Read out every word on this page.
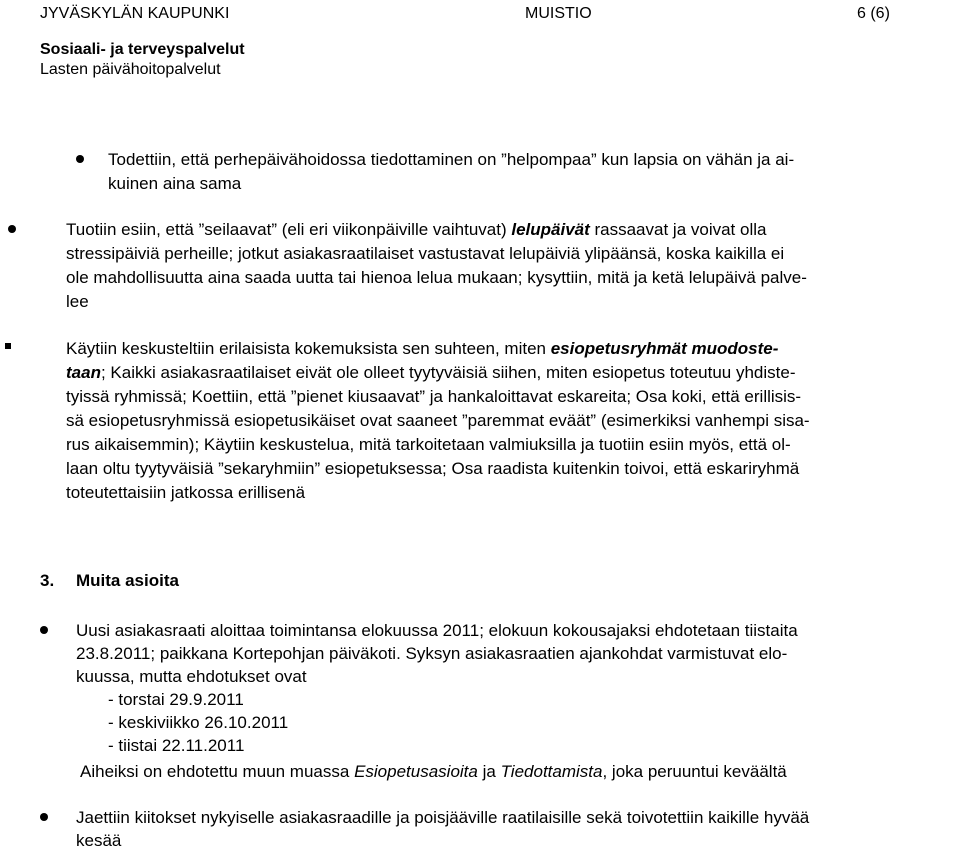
JYVÄSKYLÄN KAUPUNKI	MUISTIO	6 (6)
Sosiaali- ja terveyspalvelut
Lasten päivähoitopalvelut
Todettiin, että perhepäivähoidossa tiedottaminen on ”helpompaa” kun lapsia on vähän ja ai-
kuinen aina sama
Tuotiin esiin, että ”seilaavat” (eli eri viikonpäiville vaihtuvat) lelupäivät rassaavat ja voivat olla
stressipäiviä perheille; jotkut asiakasraatilaiset vastustavat lelupäiviä ylipäänsä, koska kaikilla ei
ole mahdollisuutta aina saada uutta tai hienoa lelua mukaan; kysyttiin, mitä ja ketä lelupäivä palve-
lee
Käytiin keskusteltiin erilaisista kokemuksista sen suhteen, miten esiopetusryhmät muodoste-
taan; Kaikki asiakasraatilaiset eivät ole olleet tyytyväisiä siihen, miten esiopetus toteutuu yhdiste-
tyissä ryhmissä; Koettiin, että ”pienet kiusaavat” ja hankaloittavat eskareita; Osa koki, että erillisis-
sä esiopetusryhmissä esiopetusikäiset ovat saaneet ”paremmat eväät” (esimerkiksi vanhempi sisa-
rus aikaisemmin); Käytiin keskustelua, mitä tarkoitetaan valmiuksilla ja tuotiin esiin myös, että ol-
laan oltu tyytyväisiä ”sekaryhmiin” esiopetuksessa; Osa raadista kuitenkin toivoi, että eskariryhmä
toteutettaisiin jatkossa erillisenä
3. Muita asioita
Uusi asiakasraati aloittaa toimintansa elokuussa 2011; elokuun kokousajaksi ehdotetaan tiistaita
23.8.2011; paikkana Kortepohjan päiväkoti. Syksyn asiakasraatien ajankohdat varmistuvat elo-
kuussa, mutta ehdotukset ovat
- torstai 29.9.2011
- keskiviikko 26.10.2011
- tiistai 22.11.2011
Aiheiksi on ehdotettu muun muassa Esiopetusasioita ja Tiedottamista, joka peruuntui keväältä
Jaettiin kiitokset nykyiselle asiakasraadille ja poisjääville raatilaisille sekä toivotettiin kaikille hyvää
kesää
